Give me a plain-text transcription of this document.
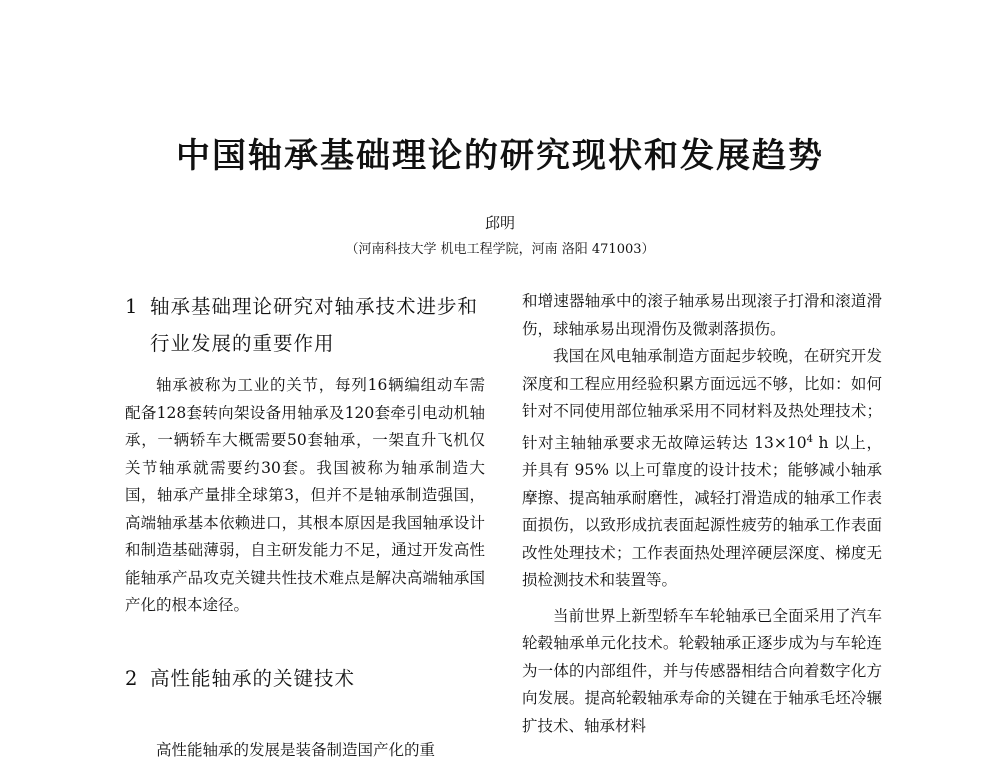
中国轴承基础理论的研究现状和发展趋势
邱明
（河南科技大学 机电工程学院，河南 洛阳 471003）
1 轴承基础理论研究对轴承技术进步和行业发展的重要作用

轴承被称为工业的关节，每列16辆编组动车需配备128套转向架设备用轴承及120套牵引电动机轴承，一辆轿车大概需要50套轴承，一架直升飞机仅关节轴承就需要约30套。我国被称为轴承制造大国，轴承产量排全球第3，但并不是轴承制造强国，高端轴承基本依赖进口，其根本原因是我国轴承设计和制造基础薄弱，自主研发能力不足，通过开发高性能轴承产品攻克关键共性技术难点是解决高端轴承国产化的根本途径。

2 高性能轴承的关键技术

高性能轴承的发展是装备制造国产化的重

和增速器轴承中的滚子轴承易出现滚子打滑和滚道滑伤，球轴承易出现滑伤及微剥落损伤。

我国在风电轴承制造方面起步较晚，在研究开发深度和工程应用经验积累方面远远不够，比如：如何针对不同使用部位轴承采用不同材料及热处理技术；针对主轴轴承要求无故障运转达 $13\times 10^4$ h 以上，并具有 95% 以上可靠度的设计技术；能够减小轴承摩擦、提高轴承耐磨性，减轻打滑造成的轴承工作表面损伤，以致形成抗表面起源性疲劳的轴承工作表面改性处理技术；工作表面热处理淬硬层深度、梯度无损检测技术和装置等。

当前世界上新型轿车车轮轴承已全面采用了汽车轮毂轴承单元化技术。轮毂轴承正逐步成为与车轮连为一体的内部组件，并与传感器相结合向着数字化方向发展。提高轮毂轴承寿命的关键在于轴承毛坯冷辗扩技术、轴承材料
